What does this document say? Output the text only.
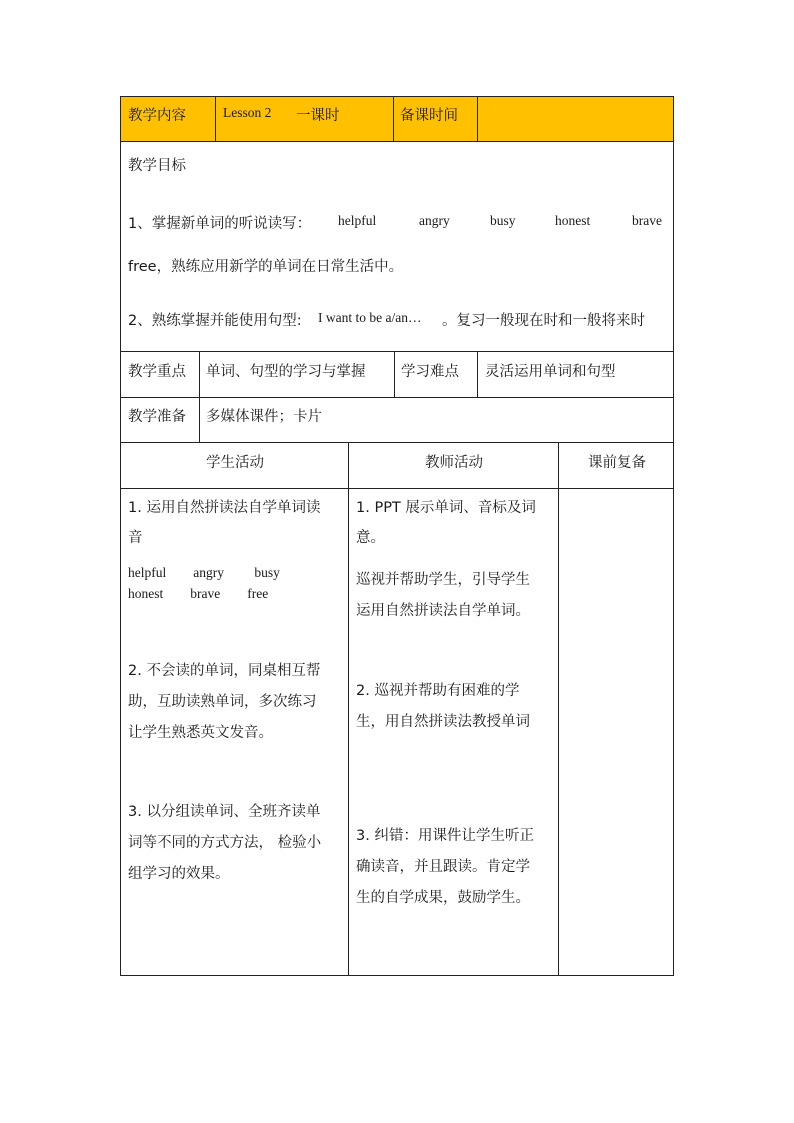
教学内容	Lesson 2 一课时	备课时间
教学目标
1、掌握新单词的听说读写： helpful	angry	busy	honest	brave
free，熟练应用新学的单词在日常生活中。
2、熟练掌握并能使用句型: I want to be a/an… 。复习一般现在时和一般将来时
教学重点 单词、句型的学习与掌握 学习难点 灵活运用单词和句型
教学准备 多媒体课件；卡片
学生活动	教师活动	课前复备
1. 运用自然拼读法自学单词读
音
helpful        angry         busy
honest        brave        free
2. 不会读的单词，同桌相互帮
助，互助读熟单词，多次练习
让学生熟悉英文发音。
3. 以分组读单词、全班齐读单
词等不同的方式方法， 检验小
组学习的效果。
1. PPT 展示单词、音标及词
意。
巡视并帮助学生，引导学生
运用自然拼读法自学单词。
2. 巡视并帮助有困难的学
生，用自然拼读法教授单词
3. 纠错：用课件让学生听正
确读音，并且跟读。肯定学
生的自学成果，鼓励学生。
